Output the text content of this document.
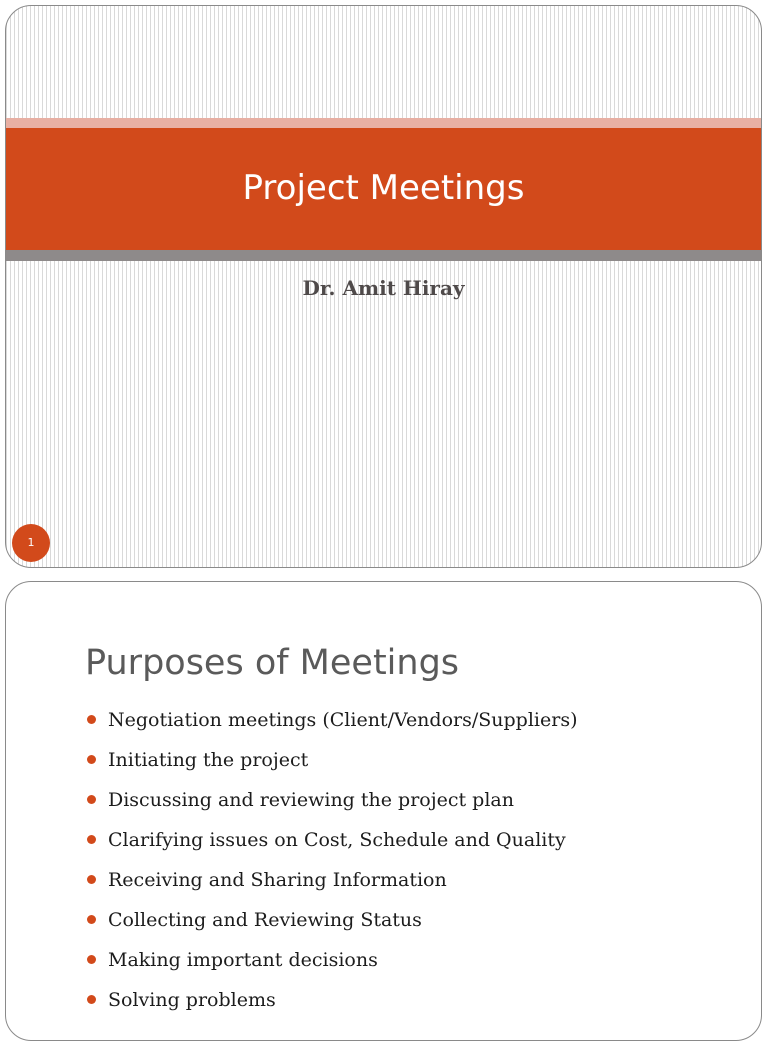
Project Meetings
Dr. Amit Hiray
1
Purposes of Meetings
Negotiation meetings (Client/Vendors/Suppliers)
Initiating the project
Discussing and reviewing the project plan
Clarifying issues on Cost, Schedule and Quality
Receiving and Sharing Information
Collecting and Reviewing Status
Making important decisions
Solving problems
